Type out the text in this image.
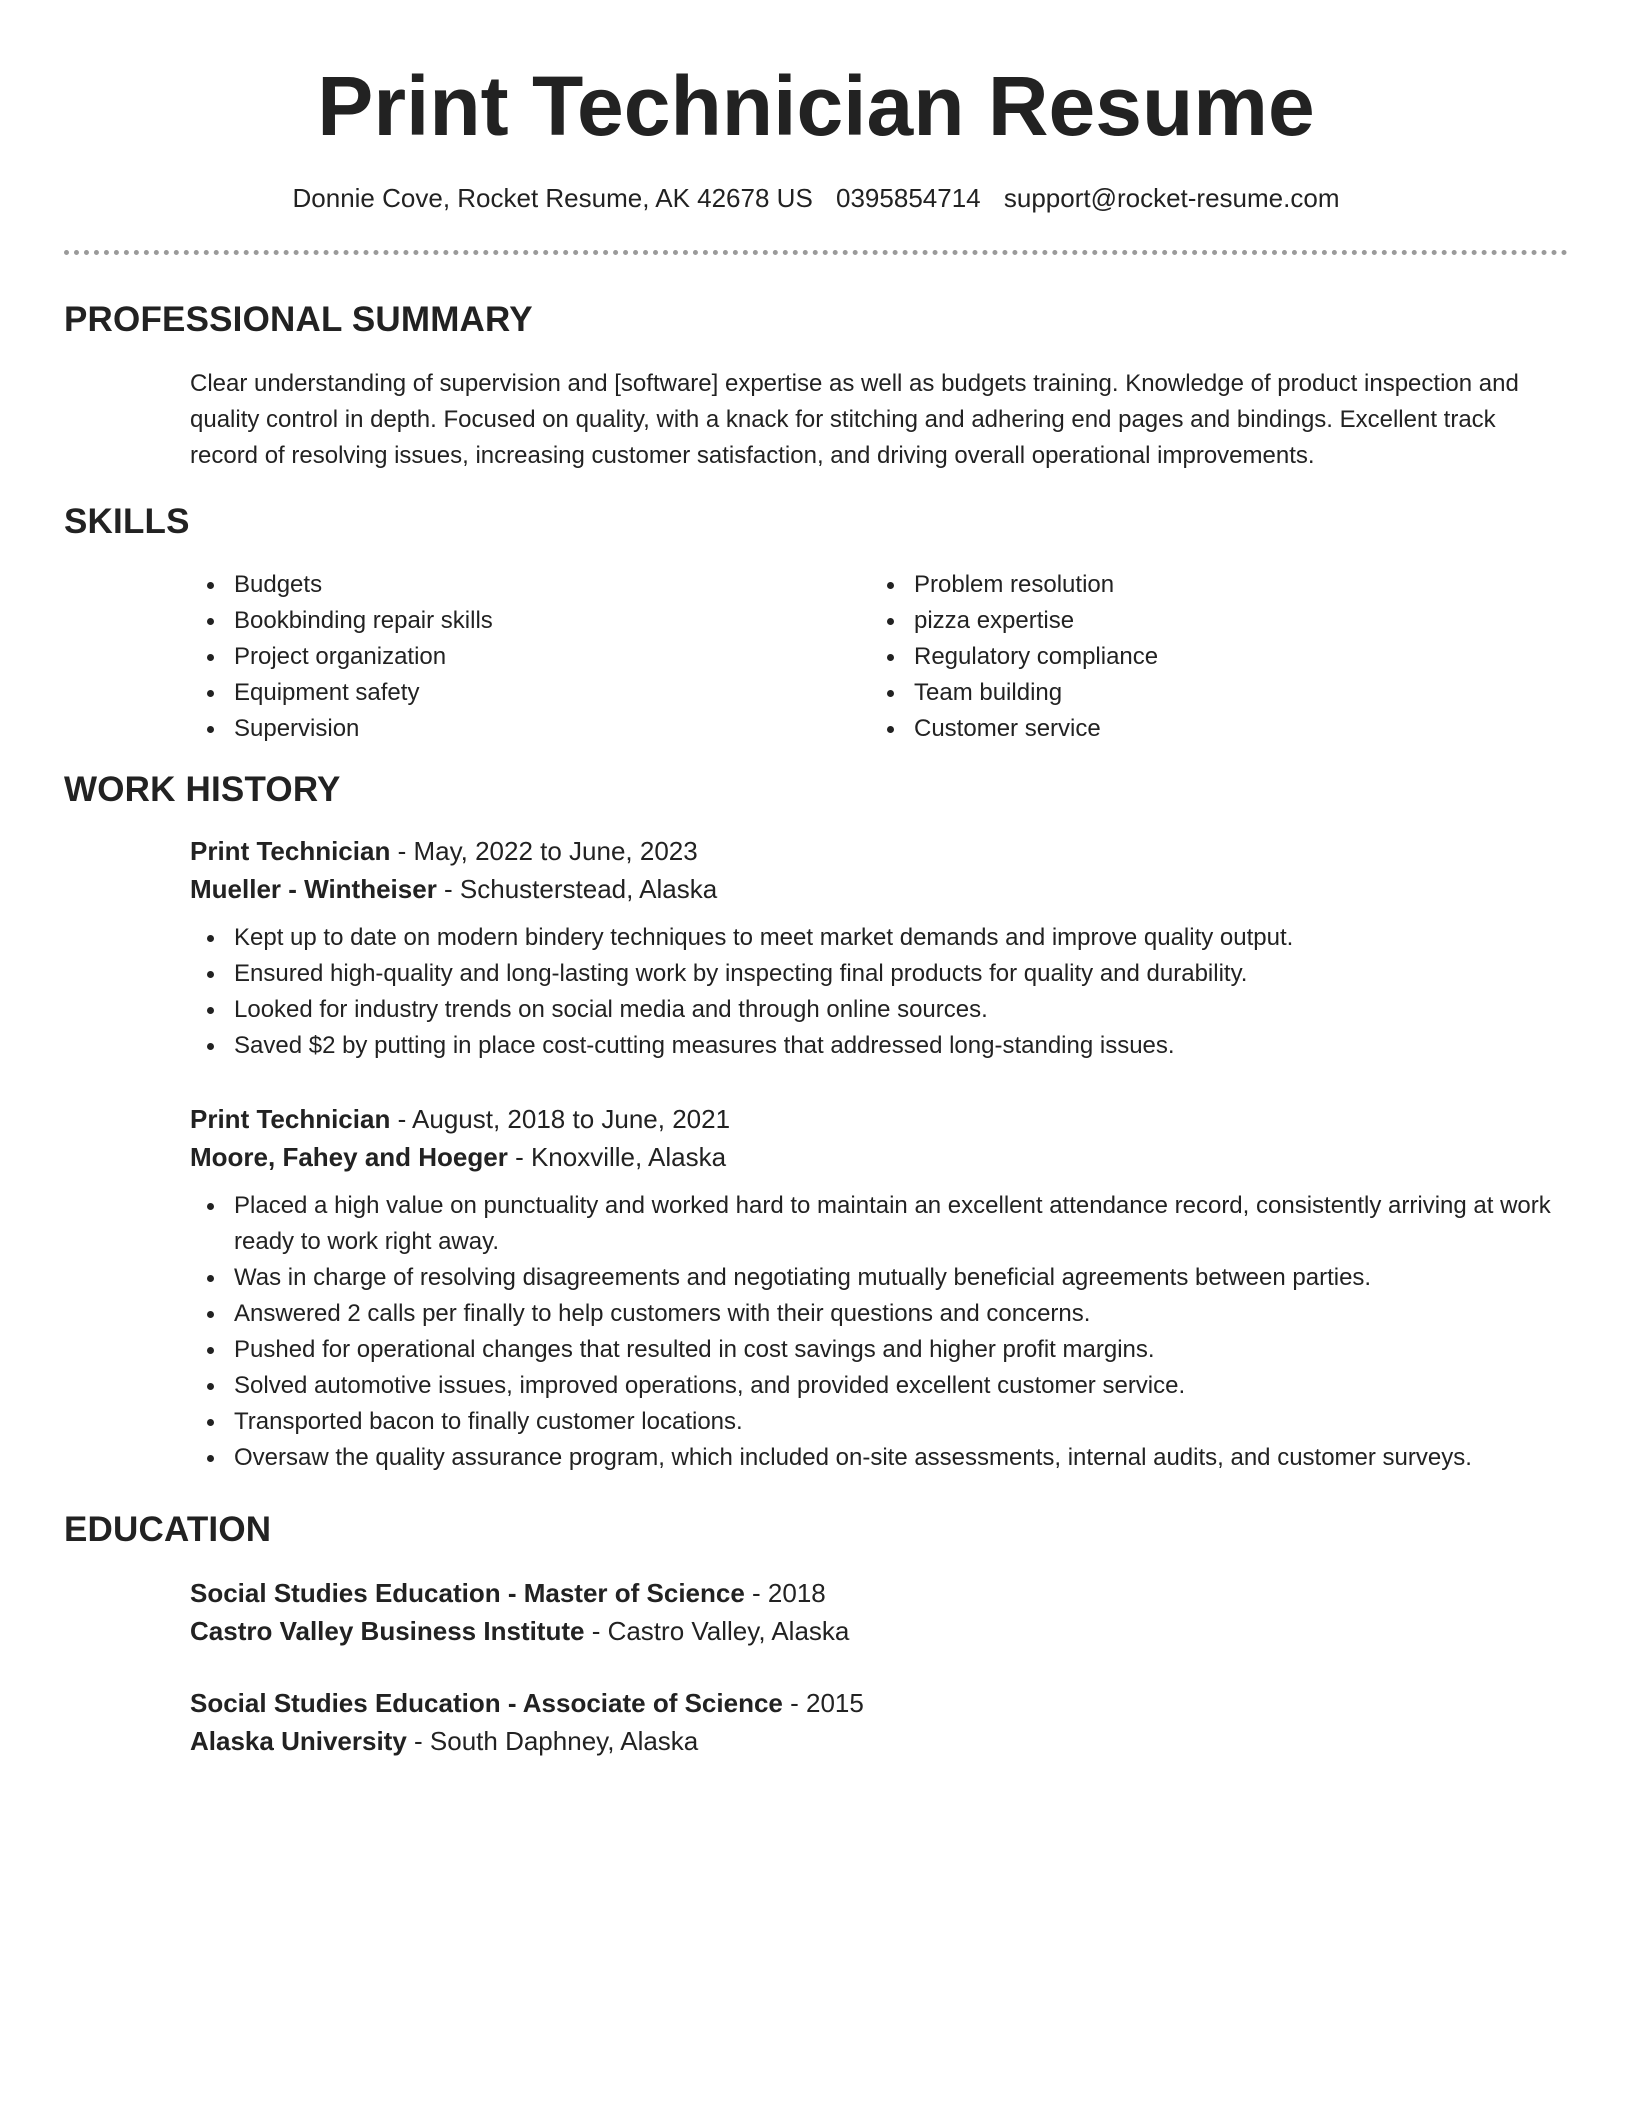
Print Technician Resume
Donnie Cove, Rocket Resume, AK 42678 US 0395854714 support@rocket-resume.com
PROFESSIONAL SUMMARY

Clear understanding of supervision and [software] expertise as well as budgets training. Knowledge of product inspection and quality control in depth. Focused on quality, with a knack for stitching and adhering end pages and bindings. Excellent track record of resolving issues, increasing customer satisfaction, and driving overall operational improvements.

SKILLS
Budgets
Bookbinding repair skills
Project organization
Equipment safety
Supervision
Problem resolution
pizza expertise
Regulatory compliance
Team building
Customer service
WORK HISTORY
Print Technician - May, 2022 to June, 2023
Mueller - Wintheiser - Schusterstead, Alaska
Kept up to date on modern bindery techniques to meet market demands and improve quality output.
Ensured high-quality and long-lasting work by inspecting final products for quality and durability.
Looked for industry trends on social media and through online sources.
Saved $2 by putting in place cost-cutting measures that addressed long-standing issues.
Print Technician - August, 2018 to June, 2021
Moore, Fahey and Hoeger - Knoxville, Alaska
Placed a high value on punctuality and worked hard to maintain an excellent attendance record, consistently arriving at work ready to work right away.
Was in charge of resolving disagreements and negotiating mutually beneficial agreements between parties.
Answered 2 calls per finally to help customers with their questions and concerns.
Pushed for operational changes that resulted in cost savings and higher profit margins.
Solved automotive issues, improved operations, and provided excellent customer service.
Transported bacon to finally customer locations.
Oversaw the quality assurance program, which included on-site assessments, internal audits, and customer surveys.
EDUCATION
Social Studies Education - Master of Science - 2018
Castro Valley Business Institute - Castro Valley, Alaska
Social Studies Education - Associate of Science - 2015
Alaska University - South Daphney, Alaska
